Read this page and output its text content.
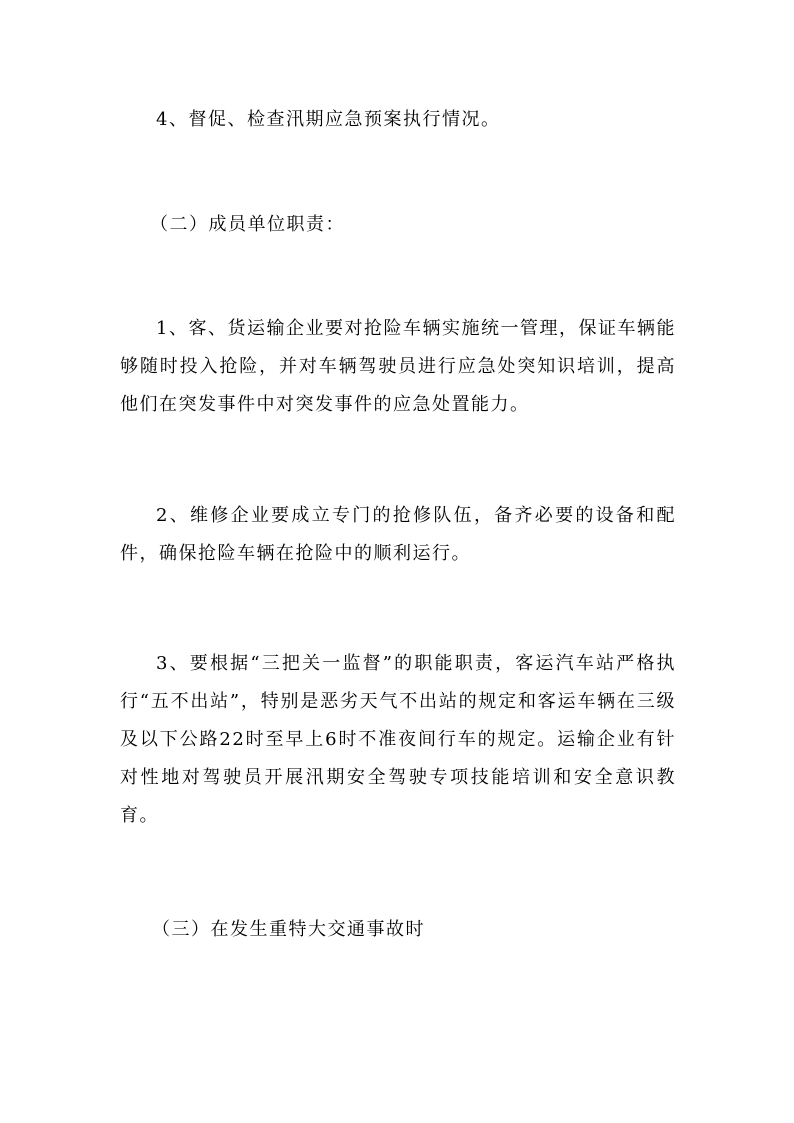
4、督促、检查汛期应急预案执行情况。

（二）成员单位职责：

1、客、货运输企业要对抢险车辆实施统一管理，保证车辆能够随时投入抢险，并对车辆驾驶员进行应急处突知识培训，提高他们在突发事件中对突发事件的应急处置能力。

2、维修企业要成立专门的抢修队伍，备齐必要的设备和配件，确保抢险车辆在抢险中的顺利运行。

3、要根据“三把关一监督”的职能职责，客运汽车站严格执行“五不出站”，特别是恶劣天气不出站的规定和客运车辆在三级及以下公路22时至早上6时不准夜间行车的规定。运输企业有针对性地对驾驶员开展汛期安全驾驶专项技能培训和安全意识教育。

（三）在发生重特大交通事故时
